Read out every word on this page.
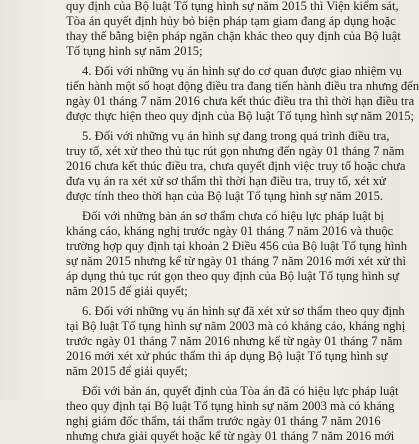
quy định của Bộ luật Tố tụng hình sự năm 2015 thì Viện kiểm sát,
Tòa án quyết định hủy bỏ biện pháp tạm giam đang áp dụng hoặc
thay thế bằng biện pháp ngăn chặn khác theo quy định của Bộ luật
Tố tụng hình sự năm 2015;
4. Đối với những vụ án hình sự do cơ quan được giao nhiệm vụ
tiến hành một số hoạt động điều tra đang tiến hành điều tra nhưng đến
ngày 01 tháng 7 năm 2016 chưa kết thúc điều tra thì thời hạn điều tra
được thực hiện theo quy định của Bộ luật Tố tụng hình sự năm 2015;
5. Đối với những vụ án hình sự đang trong quá trình điều tra,
truy tố, xét xử theo thủ tục rút gọn nhưng đến ngày 01 tháng 7 năm
2016 chưa kết thúc điều tra, chưa quyết định việc truy tố hoặc chưa
đưa vụ án ra xét xử sơ thẩm thì thời hạn điều tra, truy tố, xét xử
được tính theo thời hạn của Bộ luật Tố tụng hình sự năm 2015.
Đối với những bản án sơ thẩm chưa có hiệu lực pháp luật bị
kháng cáo, kháng nghị trước ngày 01 tháng 7 năm 2016 và thuộc
trường hợp quy định tại khoản 2 Điều 456 của Bộ luật Tố tụng hình
sự năm 2015 nhưng kể từ ngày 01 tháng 7 năm 2016 mới xét xử thì
áp dụng thủ tục rút gọn theo quy định của Bộ luật Tố tụng hình sự
năm 2015 để giải quyết;
6. Đối với những vụ án hình sự đã xét xử sơ thẩm theo quy định
tại Bộ luật Tố tụng hình sự năm 2003 mà có kháng cáo, kháng nghị
trước ngày 01 tháng 7 năm 2016 nhưng kể từ ngày 01 tháng 7 năm
2016 mới xét xử phúc thẩm thì áp dụng Bộ luật Tố tụng hình sự
năm 2015 để giải quyết;
Đối với bản án, quyết định của Tòa án đã có hiệu lực pháp luật
theo quy định tại Bộ luật Tố tụng hình sự năm 2003 mà có kháng
nghị giám đốc thẩm, tái thẩm trước ngày 01 tháng 7 năm 2016
nhưng chưa giải quyết hoặc kể từ ngày 01 tháng 7 năm 2016 mới
